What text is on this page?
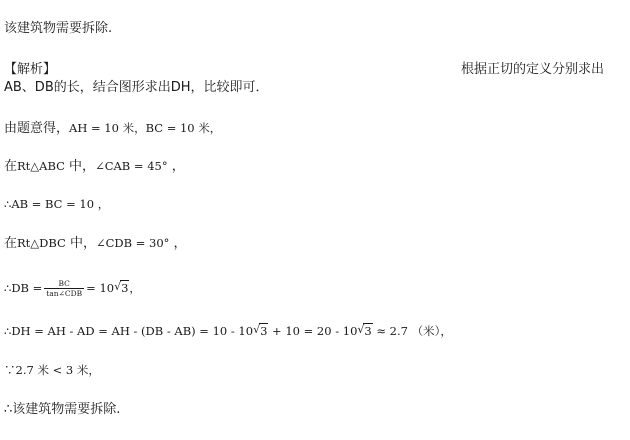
该建筑物需要拆除.
【解析】	根据正切的定义分别求出
AB、DB的长，结合图形求出DH，比较即可．
由题意得，AH = 10 米，BC = 10 米，
在Rt△ABC 中，∠CAB = 45° ，
∴AB = BC = 10 ，
在Rt△DBC 中，∠CDB = 30° ，
∴DB = $\frac{BC}{\text{tan∠CDB}} = 10$ √ 3，
∴DH = AH - AD = AH - (DB - AB) = 10 - 10 √ 3 + 10 = 20 - 10 √ 3 ≈ 2.7 （米），
∵2.7 米 < 3 米，
∴该建筑物需要拆除.
